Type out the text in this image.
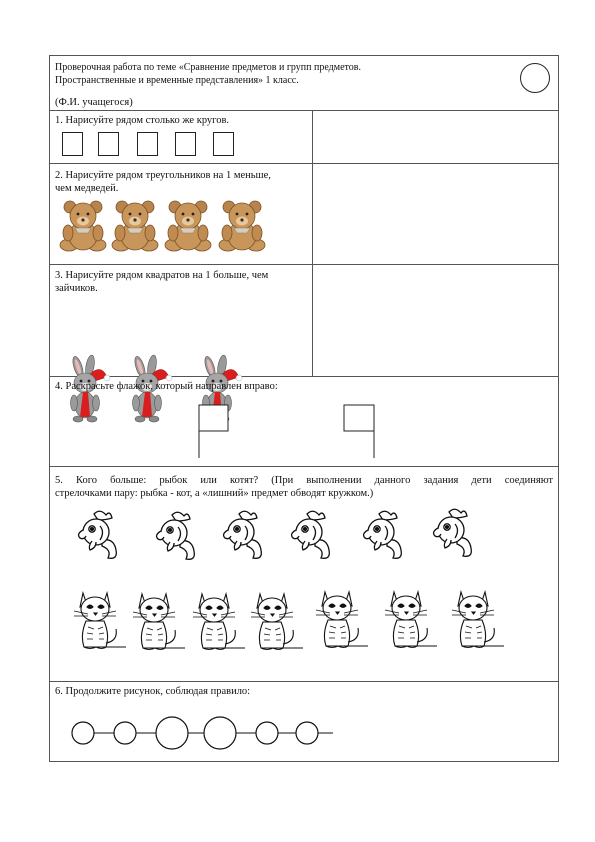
Проверочная работа по теме «Сравнение предметов и групп предметов.
Пространственные и временные представления» 1 класс.
(Ф.И. учащегося)
1. Нарисуйте рядом столько же кругов.
2. Нарисуйте рядом треугольников на 1 меньше,
чем медведей.
3. Нарисуйте рядом квадратов на 1 больше, чем
зайчиков.
4. Раскрасьте флажок, который направлен вправо:
5. Кого больше: рыбок или котят? (При выполнении данного задания дети соединяют
стрелочками пару: рыбка - кот, а «лишний» предмет обводят кружком.)
6. Продолжите рисунок, соблюдая правило:
